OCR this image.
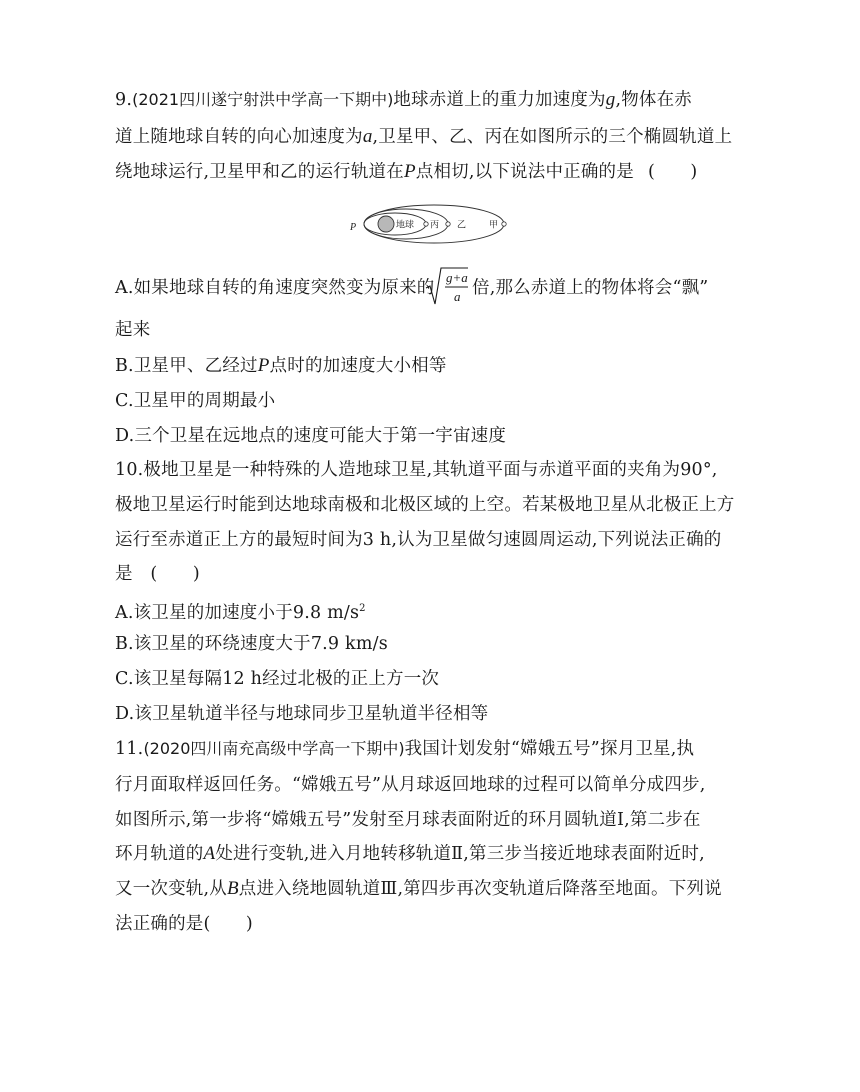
9.(2021四川遂宁射洪中学高一下期中)地球赤道上的重力加速度为g,物体在赤
道上随地球自转的向心加速度为a,卫星甲、乙、丙在如图所示的三个椭圆轨道上
绕地球运行,卫星甲和乙的运行轨道在P点相切,以下说法中正确的是 (　　)
P	地球 丙 乙	甲
A.如果地球自转的角速度突然变为原来的
g+a
a 倍,那么赤道上的物体将会“飘”
起来
B.卫星甲、乙经过P点时的加速度大小相等
C.卫星甲的周期最小
D.三个卫星在远地点的速度可能大于第一宇宙速度
10.极地卫星是一种特殊的人造地球卫星,其轨道平面与赤道平面的夹角为90°,
极地卫星运行时能到达地球南极和北极区域的上空。若某极地卫星从北极正上方
运行至赤道正上方的最短时间为3 h,认为卫星做匀速圆周运动,下列说法正确的
是　(　　)
A.该卫星的加速度小于9.8 $m/s^2$
B.该卫星的环绕速度大于7.9 km/s
C.该卫星每隔12 h经过北极的正上方一次
D.该卫星轨道半径与地球同步卫星轨道半径相等
11.(2020四川南充高级中学高一下期中)我国计划发射“嫦娥五号”探月卫星,执
行月面取样返回任务。“嫦娥五号”从月球返回地球的过程可以简单分成四步,
如图所示,第一步将“嫦娥五号”发射至月球表面附近的环月圆轨道Ⅰ,第二步在
环月轨道的A处进行变轨,进入月地转移轨道Ⅱ,第三步当接近地球表面附近时,
又一次变轨,从B点进入绕地圆轨道Ⅲ,第四步再次变轨道后降落至地面。下列说
法正确的是(　　)
